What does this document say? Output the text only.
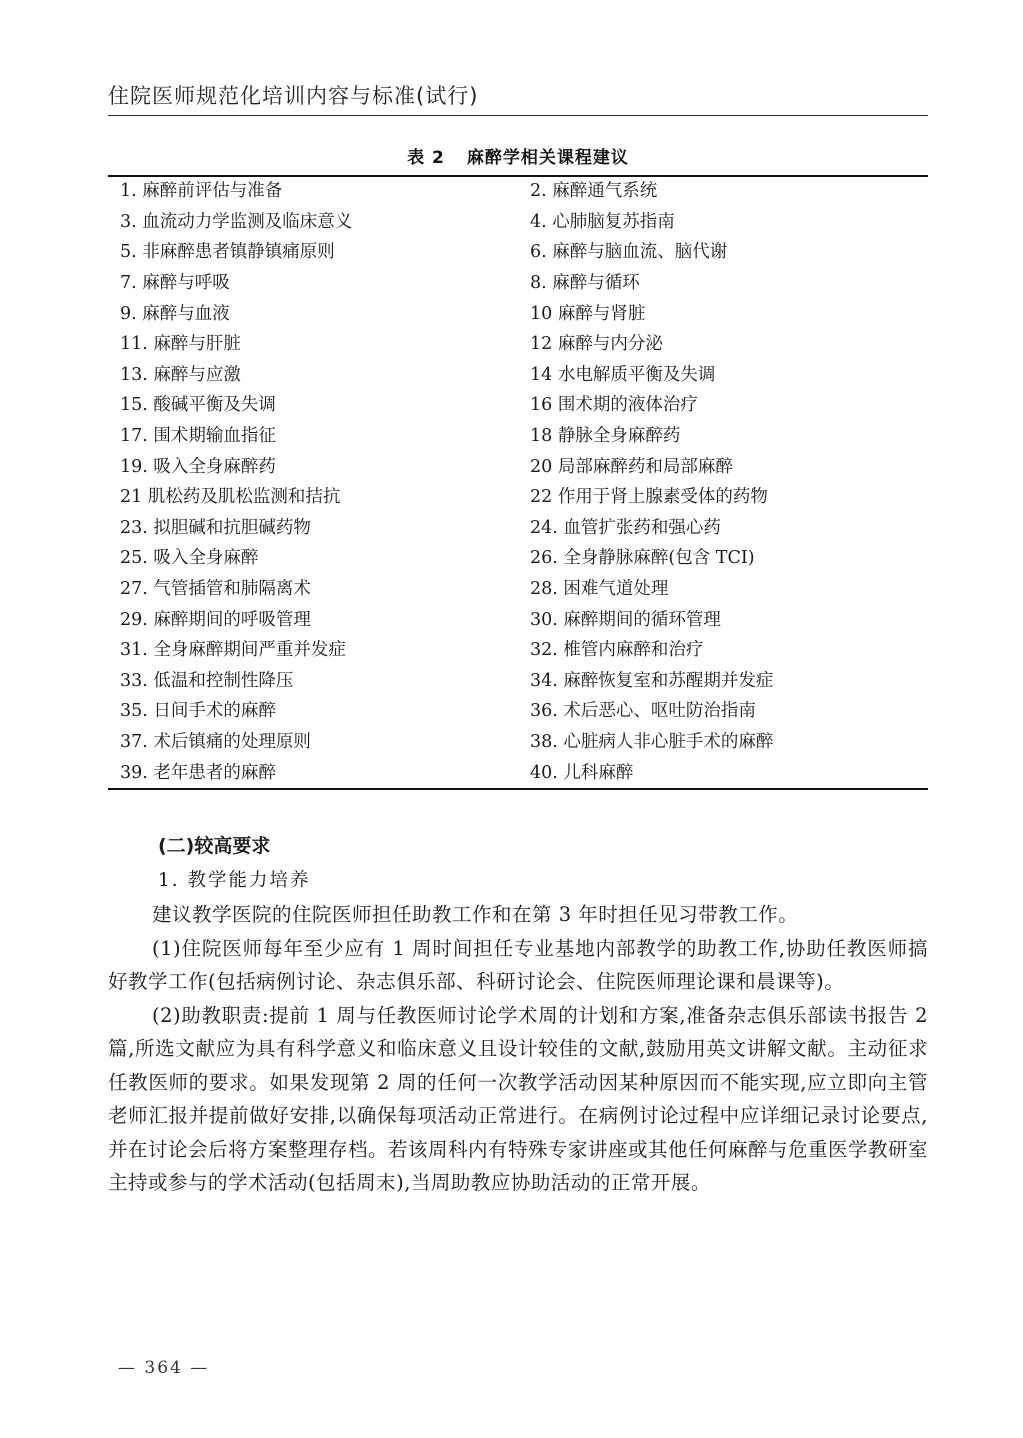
住院医师规范化培训内容与标准(试行)
表 2 麻醉学相关课程建议
1. 麻醉前评估与准备	2. 麻醉通气系统
3. 血流动力学监测及临床意义	4. 心肺脑复苏指南
5. 非麻醉患者镇静镇痛原则	6. 麻醉与脑血流、脑代谢
7. 麻醉与呼吸	8. 麻醉与循环
9. 麻醉与血液	10 麻醉与肾脏
11. 麻醉与肝脏	12 麻醉与内分泌
13. 麻醉与应激	14 水电解质平衡及失调
15. 酸碱平衡及失调	16 围术期的液体治疗
17. 围术期输血指征	18 静脉全身麻醉药
19. 吸入全身麻醉药	20 局部麻醉药和局部麻醉
21 肌松药及肌松监测和拮抗	22 作用于肾上腺素受体的药物
23. 拟胆碱和抗胆碱药物	24. 血管扩张药和强心药
25. 吸入全身麻醉	26. 全身静脉麻醉(包含 TCI)
27. 气管插管和肺隔离术	28. 困难气道处理
29. 麻醉期间的呼吸管理	30. 麻醉期间的循环管理
31. 全身麻醉期间严重并发症	32. 椎管内麻醉和治疗
33. 低温和控制性降压	34. 麻醉恢复室和苏醒期并发症
35. 日间手术的麻醉	36. 术后恶心、呕吐防治指南
37. 术后镇痛的处理原则	38. 心脏病人非心脏手术的麻醉
39. 老年患者的麻醉	40. 儿科麻醉

(二)较高要求

1. 教学能力培养

建议教学医院的住院医师担任助教工作和在第 3 年时担任见习带教工作。

(1)住院医师每年至少应有 1 周时间担任专业基地内部教学的助教工作,协助任教医师搞好教学工作(包括病例讨论、杂志俱乐部、科研讨论会、住院医师理论课和晨课等)。

(2)助教职责:提前 1 周与任教医师讨论学术周的计划和方案,准备杂志俱乐部读书报告 2 篇,所选文献应为具有科学意义和临床意义且设计较佳的文献,鼓励用英文讲解文献。主动征求任教医师的要求。如果发现第 2 周的任何一次教学活动因某种原因而不能实现,应立即向主管老师汇报并提前做好安排,以确保每项活动正常进行。在病例讨论过程中应详细记录讨论要点,并在讨论会后将方案整理存档。若该周科内有特殊专家讲座或其他任何麻醉与危重医学教研室主持或参与的学术活动(包括周末),当周助教应协助活动的正常开展。

— 364 —
